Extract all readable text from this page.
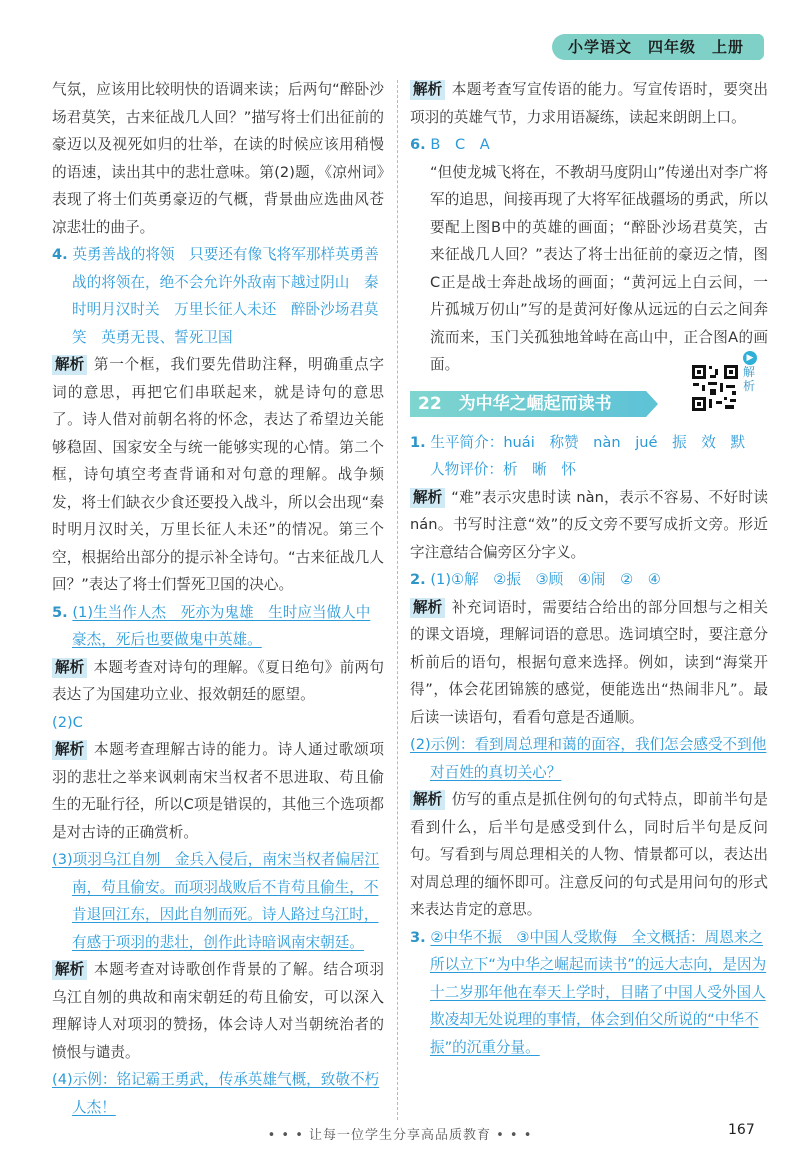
小学语文　四年级　上册

气氛，应该用比较明快的语调来读；后两句“醉卧沙场君莫笑，古来征战几人回？”描写将士们出征前的豪迈以及视死如归的壮举，在读的时候应该用稍慢的语速，读出其中的悲壮意味。第(2)题，《凉州词》表现了将士们英勇豪迈的气概，背景曲应选曲风苍凉悲壮的曲子。

4. 英勇善战的将领　只要还有像飞将军那样英勇善战的将领在，绝不会允许外敌南下越过阴山　秦时明月汉时关　万里长征人未还　醉卧沙场君莫笑　英勇无畏、誓死卫国

解析 第一个框，我们要先借助注释，明确重点字词的意思，再把它们串联起来，就是诗句的意思了。诗人借对前朝名将的怀念，表达了希望边关能够稳固、国家安全与统一能够实现的心情。第二个框，诗句填空考查背诵和对句意的理解。战争频发，将士们缺衣少食还要投入战斗，所以会出现“秦时明月汉时关，万里长征人未还”的情况。第三个空，根据给出部分的提示补全诗句。“古来征战几人回？”表达了将士们誓死卫国的决心。

5. (1)生当作人杰　死亦为鬼雄　生时应当做人中豪杰，死后也要做鬼中英雄。

解析 本题考查对诗句的理解。《夏日绝句》前两句表达了为国建功立业、报效朝廷的愿望。

(2)C

解析 本题考查理解古诗的能力。诗人通过歌颂项羽的悲壮之举来讽刺南宋当权者不思进取、苟且偷生的无耻行径，所以C项是错误的，其他三个选项都是对古诗的正确赏析。

(3)项羽乌江自刎　金兵入侵后，南宋当权者偏居江南，苟且偷安。而项羽战败后不肯苟且偷生，不肯退回江东，因此自刎而死。诗人路过乌江时，有感于项羽的悲壮，创作此诗暗讽南宋朝廷。

解析 本题考查对诗歌创作背景的了解。结合项羽乌江自刎的典故和南宋朝廷的苟且偷安，可以深入理解诗人对项羽的赞扬，体会诗人对当朝统治者的愤恨与谴责。

(4)示例：铭记霸王勇武，传承英雄气概，致敬不朽人杰！

解析 本题考查写宣传语的能力。写宣传语时，要突出项羽的英雄气节，力求用语凝练，读起来朗朗上口。

6. B　C　A

“但使龙城飞将在，不教胡马度阴山”传递出对李广将军的追思，间接再现了大将军征战疆场的勇武，所以要配上图B中的英雄的画面；“醉卧沙场君莫笑，古来征战几人回？”表达了将士出征前的豪迈之情，图C正是战士奔赴战场的画面；“黄河远上白云间，一片孤城万仞山”写的是黄河好像从远远的白云之间奔流而来，玉门关孤独地耸峙在高山中，正合图A的画面。

22　为中华之崛起而读书
▶
解析

1. 生平简介：huái　称赞　nàn　jué　振　效　默　人物评价：析　晰　怀

解析 “难”表示灾患时读 nàn，表示不容易、不好时读 nán。书写时注意“效”的反文旁不要写成折文旁。形近字注意结合偏旁区分字义。

2. (1)①解　②振　③顾　④闹　②　④

解析 补充词语时，需要结合给出的部分回想与之相关的课文语境，理解词语的意思。选词填空时，要注意分析前后的语句，根据句意来选择。例如，读到“海棠开得”，体会花团锦簇的感觉，便能选出“热闹非凡”。最后读一读语句，看看句意是否通顺。

(2)示例：看到周总理和蔼的面容，我们怎会感受不到他对百姓的真切关心？

解析 仿写的重点是抓住例句的句式特点，即前半句是看到什么，后半句是感受到什么，同时后半句是反问句。写看到与周总理相关的人物、情景都可以，表达出对周总理的缅怀即可。注意反问的句式是用问句的形式来表达肯定的意思。

3. ②中华不振　③中国人受欺侮　全文概括：周恩来之所以立下“为中华之崛起而读书”的远大志向，是因为十二岁那年他在奉天上学时，目睹了中国人受外国人欺凌却无处说理的事情，体会到伯父所说的“中华不振”的沉重分量。

• • • 让每一位学生分享高品质教育 • • •	167
